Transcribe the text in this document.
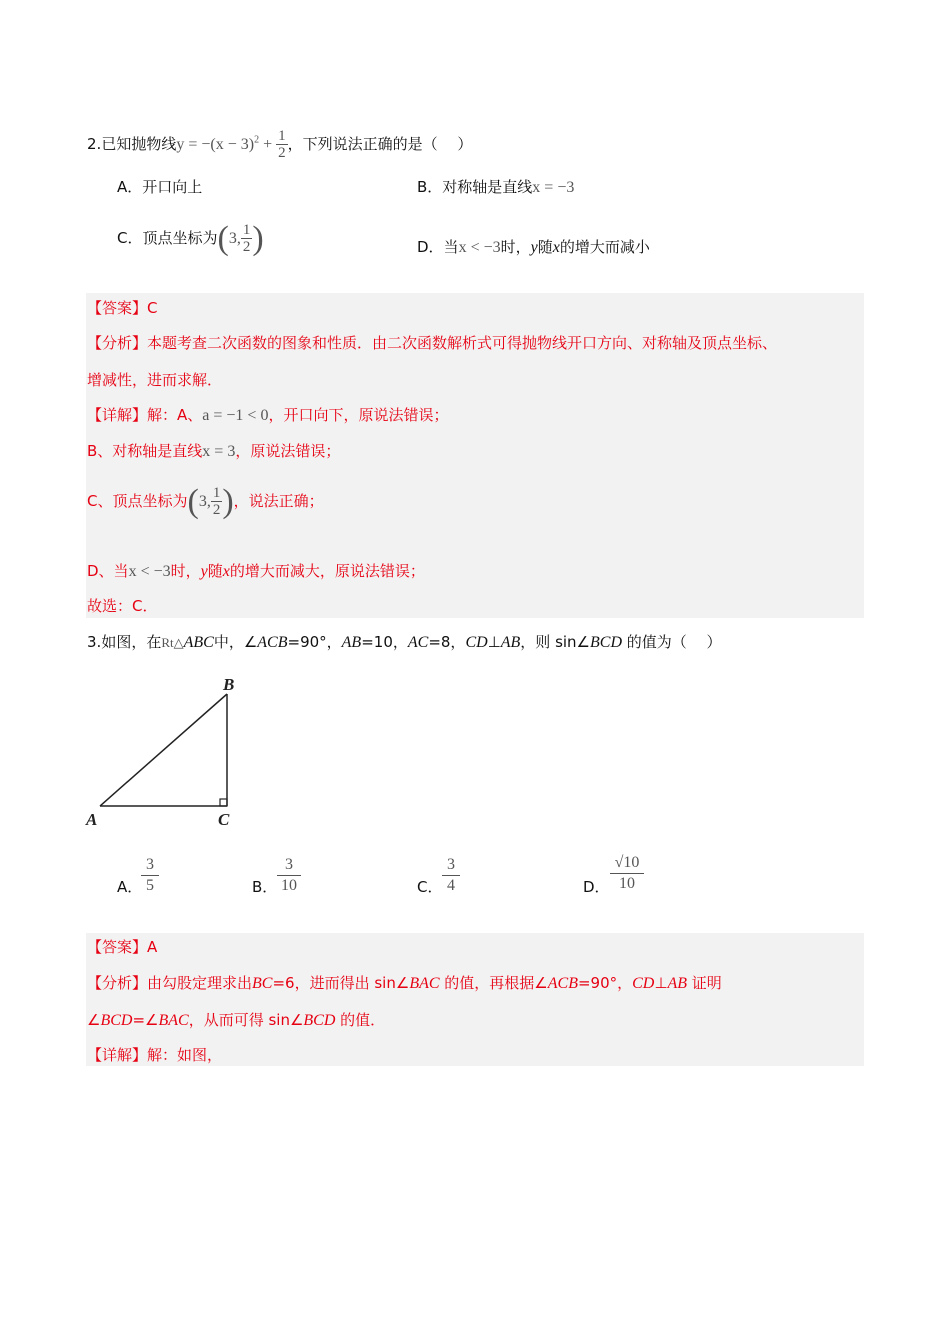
2.已知抛物线$y = -(x - 3)^2 + \frac{1}{2}$ ，下列说法正确的是（　 ）
A．开口向上	B．对称轴是直线x = −3
C．顶点坐标为(3, $\frac{1}{2}$ )	D．当x < −3时，y随x的增大而减小
【答案】C
【分析】本题考查二次函数的图象和性质．由二次函数解析式可得抛物线开口方向、对称轴及顶点坐标、
增减性，进而求解．
【详解】解：A、a = −1 < 0，开口向下，原说法错误；
B、对称轴是直线x = 3，原说法错误；
C、顶点坐标为(3, $\frac{1}{2}$ )，说法正确；
D、当x < −3时，y随x的增大而减大，原说法错误；
故选：C．
3.如图，在Rt△ABC中，∠ACB=90°，AB=10，AC=8，CD⊥AB，则 sin∠BCD 的值为（　 ）
B
A	C
A．
3
5	B．
3
10	C．
3
4	D．
√10
10
【答案】A
【分析】由勾股定理求出BC=6，进而得出 sin∠BAC 的值，再根据∠ACB=90°，CD⊥AB 证明
∠BCD=∠BAC，从而可得 sin∠BCD 的值．
【详解】解：如图，
